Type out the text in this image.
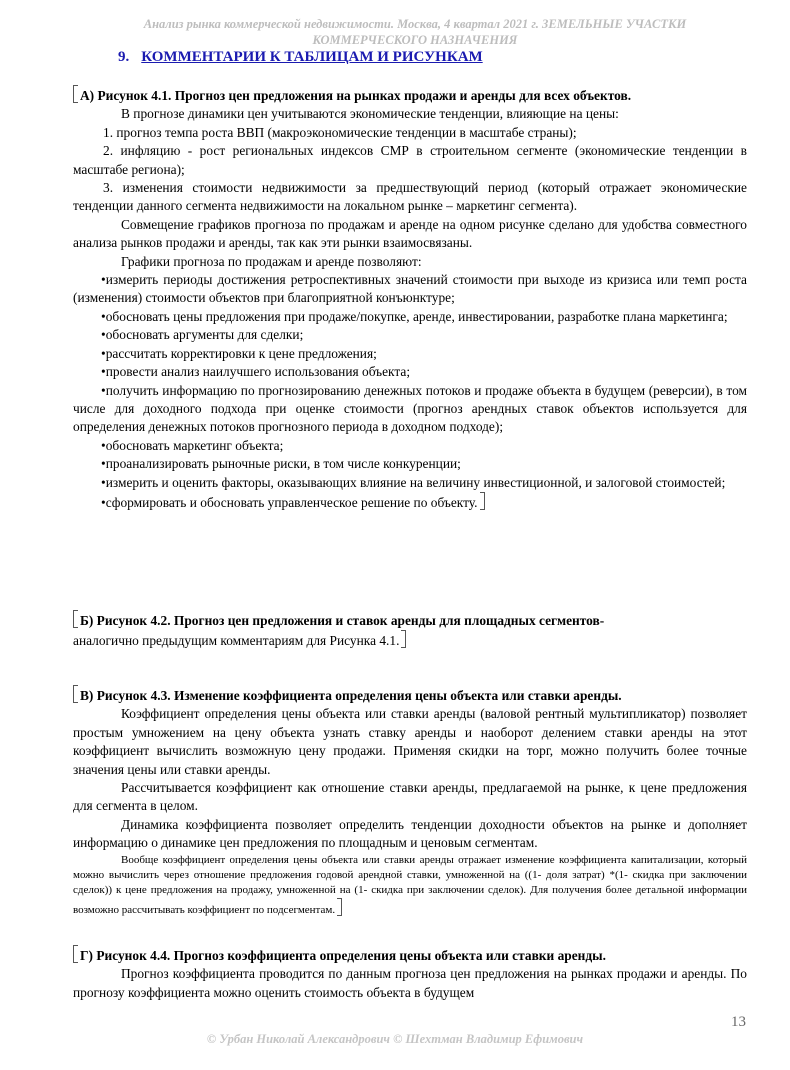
Анализ рынка коммерческой недвижимости. Москва, 4 квартал 2021 г. ЗЕМЕЛЬНЫЕ УЧАСТКИ
КОММЕРЧЕСКОГО НАЗНАЧЕНИЯ
9. КОММЕНТАРИИ К ТАБЛИЦАМ И РИСУНКАМ

А) Рисунок 4.1. Прогноз цен предложения на рынках продажи и аренды для всех объектов.

В прогнозе динамики цен учитываются экономические тенденции, влияющие на цены:

1. прогноз темпа роста ВВП (макроэкономические тенденции в масштабе страны);

2. инфляцию - рост региональных индексов СМР в строительном сегменте (экономические тенденции в масштабе региона);

3. изменения стоимости недвижимости за предшествующий период (который отражает экономические тенденции данного сегмента недвижимости на локальном рынке – маркетинг сегмента).

Совмещение графиков прогноза по продажам и аренде на одном рисунке сделано для удобства совместного анализа рынков продажи и аренды, так как эти рынки взаимосвязаны.

Графики прогноза по продажам и аренде позволяют:

•измерить периоды достижения ретроспективных значений стоимости при выходе из кризиса или темп роста (изменения) стоимости объектов при благоприятной конъюнктуре;

•обосновать цены предложения при продаже/покупке, аренде, инвестировании, разработке плана маркетинга;

•обосновать аргументы для сделки;

•рассчитать корректировки к цене предложения;

•провести анализ наилучшего использования объекта;

•получить информацию по прогнозированию денежных потоков и продаже объекта в будущем (реверсии), в том числе для доходного подхода при оценке стоимости (прогноз арендных ставок объектов используется для определения денежных потоков прогнозного периода в доходном подходе);

•обосновать маркетинг объекта;

•проанализировать рыночные риски, в том числе конкуренции;

•измерить и оценить факторы, оказывающих влияние на величину инвестиционной, и залоговой стоимостей;

•сформировать и обосновать управленческое решение по объекту.

Б) Рисунок 4.2. Прогноз цен предложения и ставок аренды для площадных сегментов-

аналогично предыдущим комментариям для Рисунка 4.1.

В) Рисунок 4.3. Изменение коэффициента определения цены объекта или ставки аренды.

Коэффициент определения цены объекта или ставки аренды (валовой рентный мультипликатор) позволяет простым умножением на цену объекта узнать ставку аренды и наоборот делением ставки аренды на этот коэффициент вычислить возможную цену продажи. Применяя скидки на торг, можно получить более точные значения цены или ставки аренды.

Рассчитывается коэффициент как отношение ставки аренды, предлагаемой на рынке, к цене предложения для сегмента в целом.

Динамика коэффициента позволяет определить тенденции доходности объектов на рынке и дополняет информацию о динамике цен предложения по площадным и ценовым сегментам.

Вообще коэффициент определения цены объекта или ставки аренды отражает изменение коэффициента капитализации, который можно вычислить через отношение предложения годовой арендной ставки, умноженной на ((1- доля затрат) *(1- скидка при заключении сделок)) к цене предложения на продажу, умноженной на (1- скидка при заключении сделок). Для получения более детальной информации возможно рассчитывать коэффициент по подсегментам.

Г) Рисунок 4.4. Прогноз коэффициента определения цены объекта или ставки аренды.

Прогноз коэффициента проводится по данным прогноза цен предложения на рынках продажи и аренды. По прогнозу коэффициента можно оценить стоимость объекта в будущем

13
© Урбан Николай Александрович © Шехтман Владимир Ефимович
